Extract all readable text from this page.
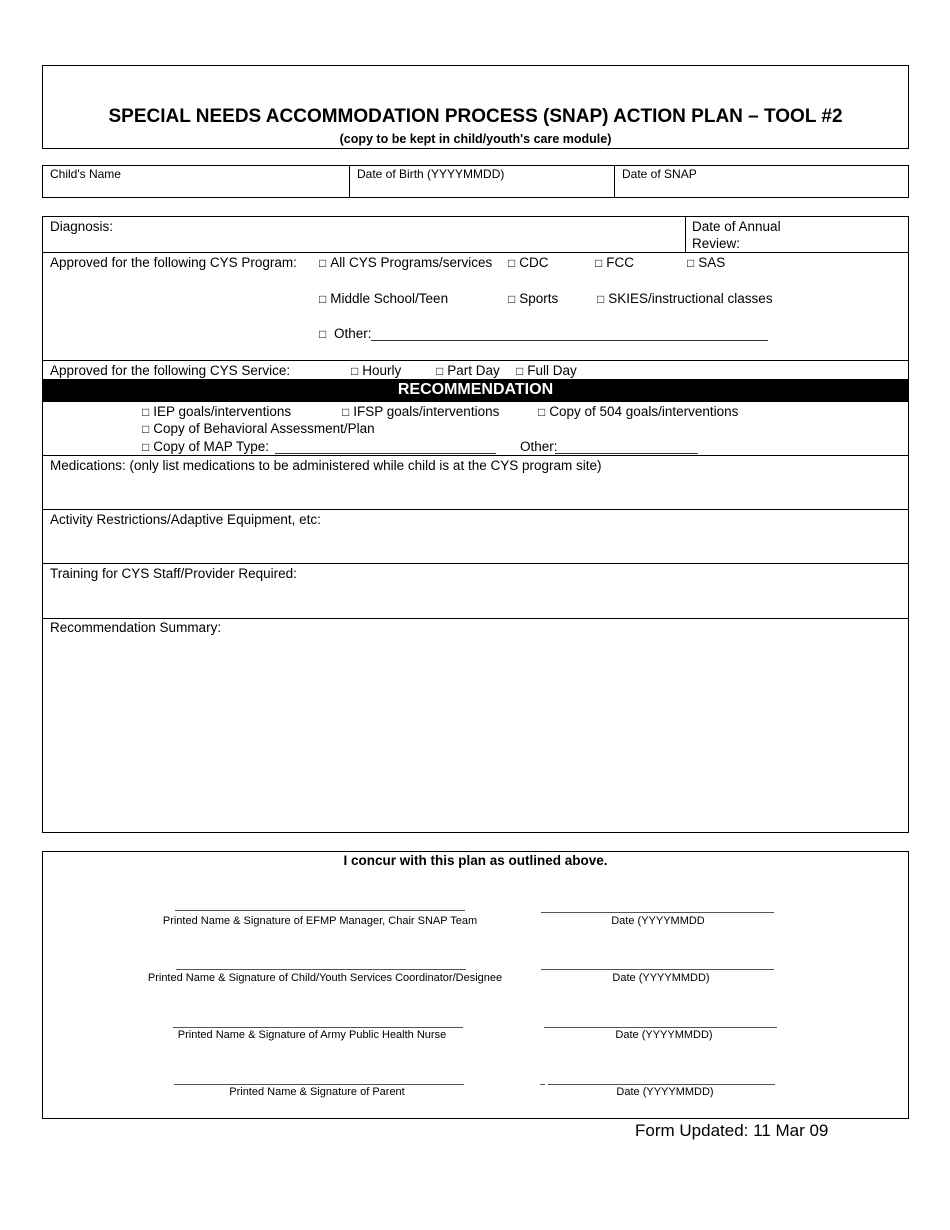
SPECIAL NEEDS ACCOMMODATION PROCESS (SNAP) ACTION PLAN – TOOL #2
(copy to be kept in child/youth's care module)
Child's Name	Date of Birth (YYYYMMDD)	Date of SNAP
Diagnosis:	Date of Annual
Review:
Approved for the following CYS Program:	□ All CYS Programs/services	□ CDC	□ FCC	□ SAS
□ Middle School/Teen	□ Sports	□ SKIES/instructional classes
□ Other:
Approved for the following CYS Service:	□ Hourly	□ Part Day	□ Full Day
RECOMMENDATION
□ IEP goals/interventions	□ IFSP goals/interventions	□ Copy of 504 goals/interventions
□ Copy of Behavioral Assessment/Plan
□ Copy of MAP Type:	Other:
Medications: (only list medications to be administered while child is at the CYS program site)
Activity Restrictions/Adaptive Equipment, etc:
Training for CYS Staff/Provider Required:
Recommendation Summary:
I concur with this plan as outlined above.
Printed Name & Signature of EFMP Manager, Chair SNAP Team	Date (YYYYMMDD
Printed Name & Signature of Child/Youth Services Coordinator/Designee	Date (YYYYMMDD)
Printed Name & Signature of Army Public Health Nurse	Date (YYYYMMDD)
Printed Name & Signature of Parent	Date (YYYYMMDD)
Form Updated: 11 Mar 09
